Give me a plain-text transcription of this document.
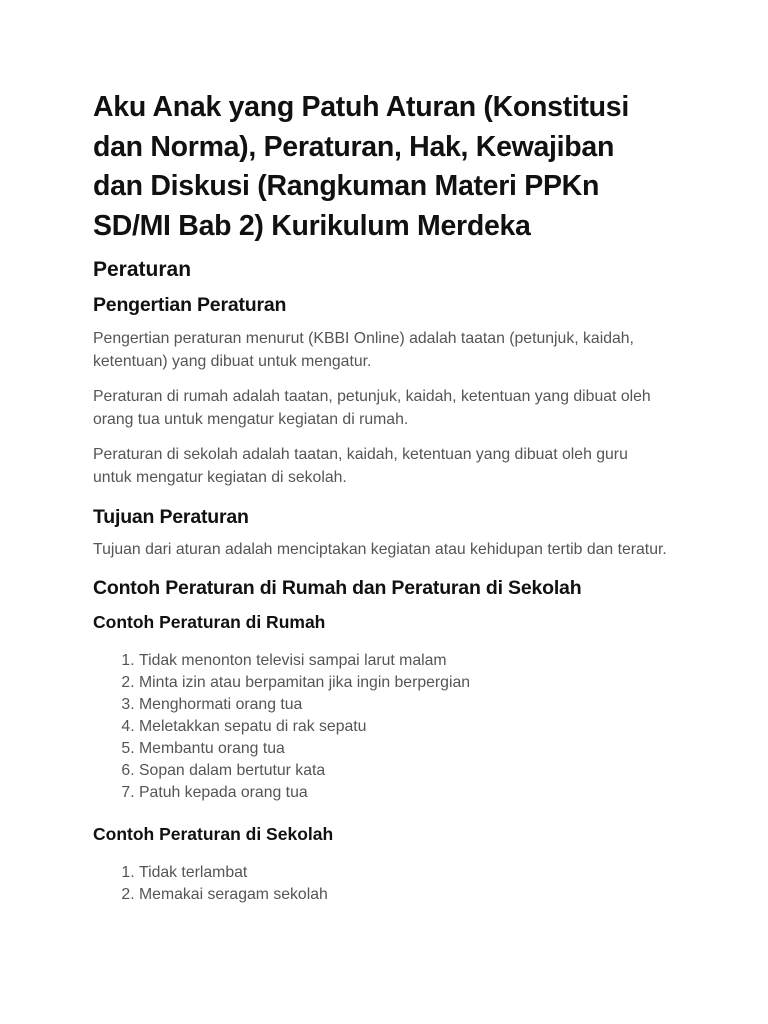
Aku Anak yang Patuh Aturan (Konstitusi dan Norma), Peraturan, Hak, Kewajiban dan Diskusi (Rangkuman Materi PPKn SD/MI Bab 2) Kurikulum Merdeka
Peraturan
Pengertian Peraturan

Pengertian peraturan menurut (KBBI Online) adalah taatan (petunjuk, kaidah, ketentuan) yang dibuat untuk mengatur.

Peraturan di rumah adalah taatan, petunjuk, kaidah, ketentuan yang dibuat oleh orang tua untuk mengatur kegiatan di rumah.

Peraturan di sekolah adalah taatan, kaidah, ketentuan yang dibuat oleh guru untuk mengatur kegiatan di sekolah.

Tujuan Peraturan

Tujuan dari aturan adalah menciptakan kegiatan atau kehidupan tertib dan teratur.

Contoh Peraturan di Rumah dan Peraturan di Sekolah
Contoh Peraturan di Rumah
1. Tidak menonton televisi sampai larut malam
2. Minta izin atau berpamitan jika ingin berpergian
3. Menghormati orang tua
4. Meletakkan sepatu di rak sepatu
5. Membantu orang tua
6. Sopan dalam bertutur kata
7. Patuh kepada orang tua
Contoh Peraturan di Sekolah
1. Tidak terlambat
2. Memakai seragam sekolah
